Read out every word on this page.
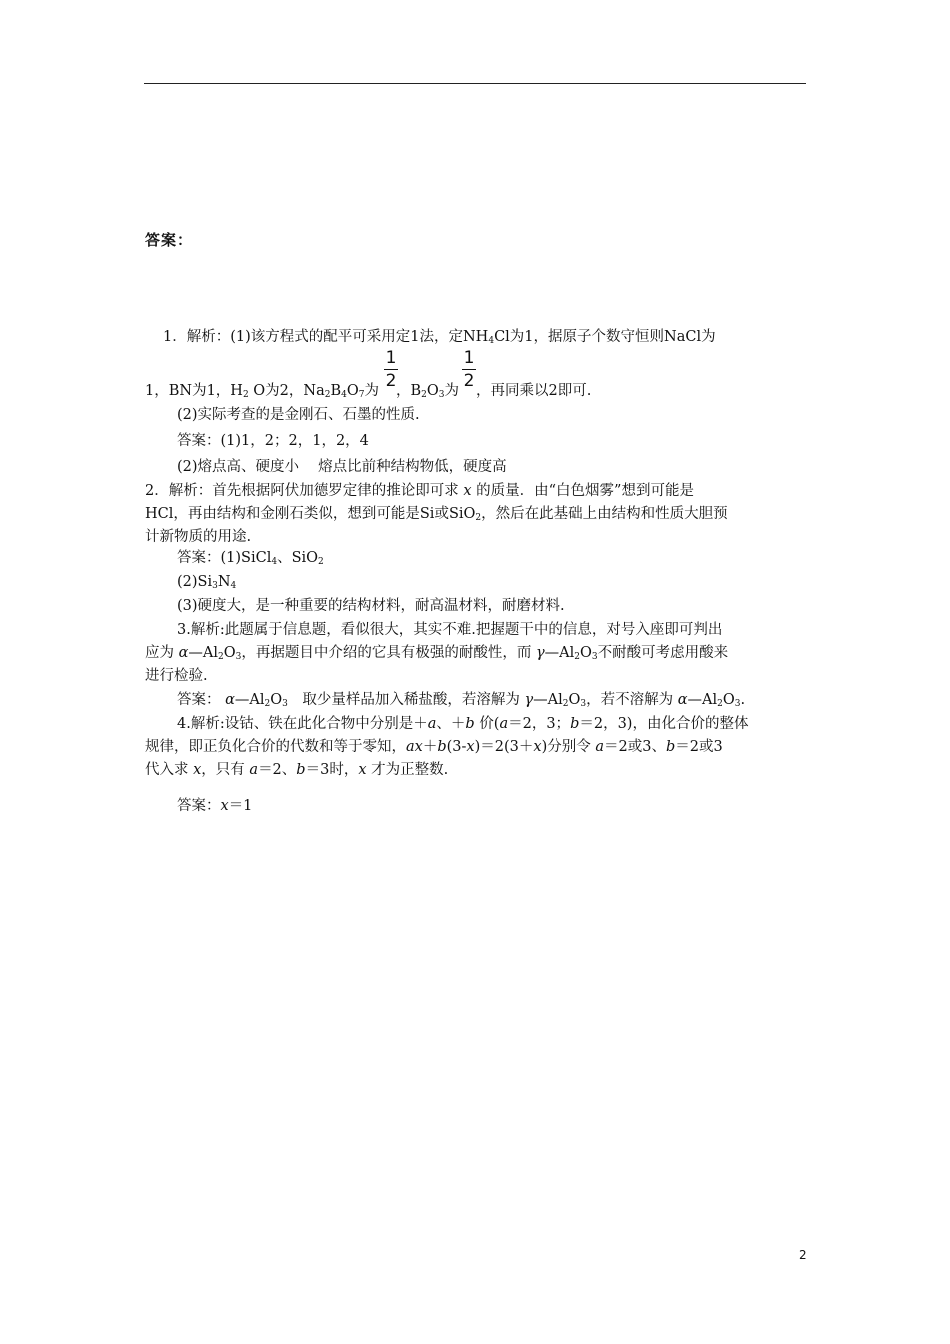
答案：
1．解析：(1)该方程式的配平可采用定1法，定$NH_4Cl$为1，据原子个数守恒则NaCl为
1
2
1
2
1，BN为1，$H_2$ O为2，$Na_2B_4O_7$为 ，$B_2O_3$为 ，再同乘以2即可.
(2)实际考查的是金刚石、石墨的性质.
答案：(1)1，2；2，1，2，4
(2)熔点高、硬度小　 熔点比前种结构物低，硬度高
2．解析：首先根据阿伏加德罗定律的推论即可求 x 的质量．由“白色烟雾”想到可能是
HCl，再由结构和金刚石类似，想到可能是Si或SiO$_2$，然后在此基础上由结构和性质大胆预
计新物质的用途.
答案：(1)SiCl$_4$、SiO$_2$
$(2)Si_3N_4$
(3)硬度大，是一种重要的结构材料，耐高温材料，耐磨材料.
3.解析:此题属于信息题，看似很大，其实不难.把握题干中的信息，对号入座即可判出
应为 $\alpha—Al_2O_3$，再据题目中介绍的它具有极强的耐酸性，而 $\gamma—Al_2O_3$不耐酸可考虑用酸来
进行检验.
答案： $\alpha—Al_2O_3$　取少量样品加入稀盐酸，若溶解为 $\gamma—Al_2O_3$，若不溶解为 $\alpha—Al_2O_3$.
4.解析:设钴、铁在此化合物中分别是＋a、＋b 价(a＝2，3；b＝2，3)，由化合价的整体
规律，即正负化合价的代数和等于零知，ax＋b(3-x)＝2(3＋x)分别令 a＝2或3、b＝2或3
代入求 x，只有 a＝2、b＝3时，x 才为正整数.
答案：x＝1
2
